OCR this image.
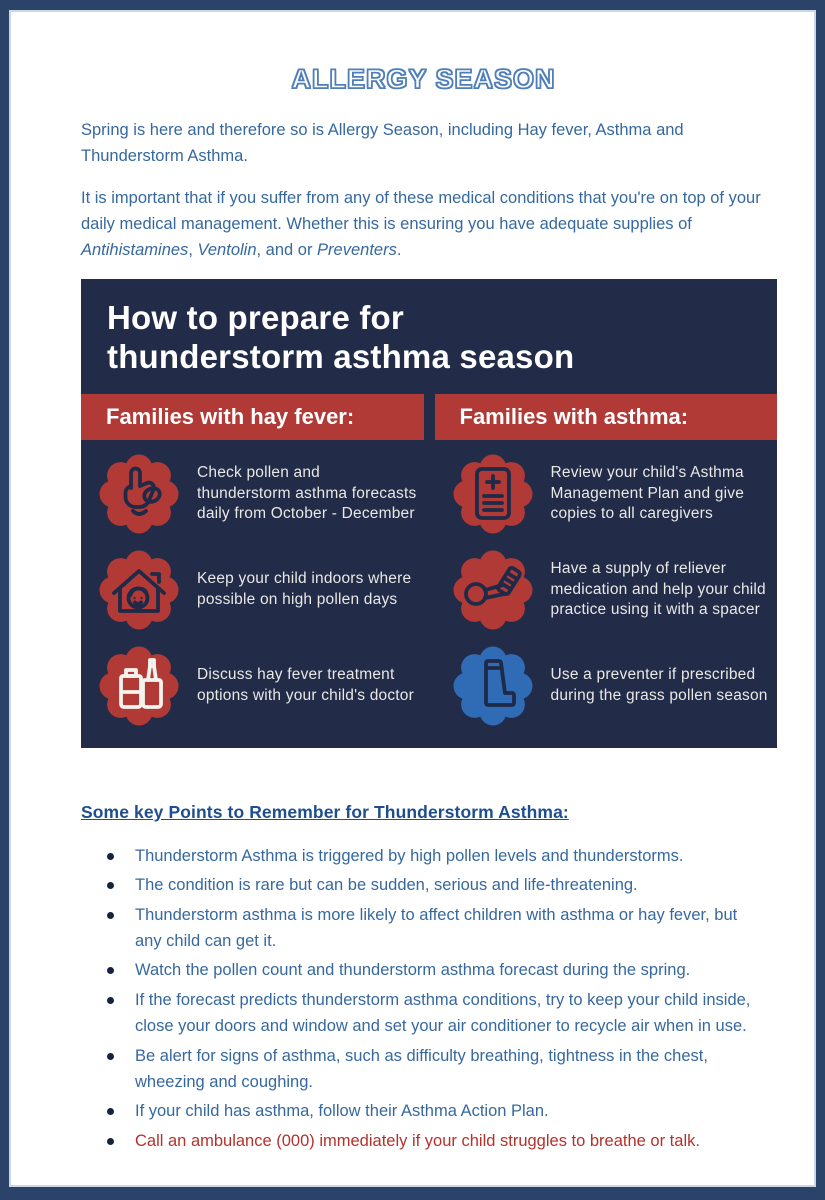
ALLERGY SEASON

Spring is here and therefore so is Allergy Season, including Hay fever, Asthma and Thunderstorm Asthma.

It is important that if you suffer from any of these medical conditions that you're on top of your daily medical management. Whether this is ensuring you have adequate supplies of Antihistamines, Ventolin, and or Preventers.

How to prepare for
thunderstorm asthma season
Families with hay fever:	Families with asthma:
Check pollen and thunderstorm asthma forecasts daily from October - December
Keep your child indoors where possible on high pollen days
Discuss hay fever treatment options with your child's doctor
Review your child's Asthma Management Plan and give copies to all caregivers
Have a supply of reliever medication and help your child practice using it with a spacer
Use a preventer if prescribed during the grass pollen season
Some key Points to Remember for Thunderstorm Asthma:
Thunderstorm Asthma is triggered by high pollen levels and thunderstorms.
The condition is rare but can be sudden, serious and life-threatening.
Thunderstorm asthma is more likely to affect children with asthma or hay fever, but any child can get it.
Watch the pollen count and thunderstorm asthma forecast during the spring.
If the forecast predicts thunderstorm asthma conditions, try to keep your child inside, close your doors and window and set your air conditioner to recycle air when in use.
Be alert for signs of asthma, such as difficulty breathing, tightness in the chest, wheezing and coughing.
If your child has asthma, follow their Asthma Action Plan.
Call an ambulance (000) immediately if your child struggles to breathe or talk.
